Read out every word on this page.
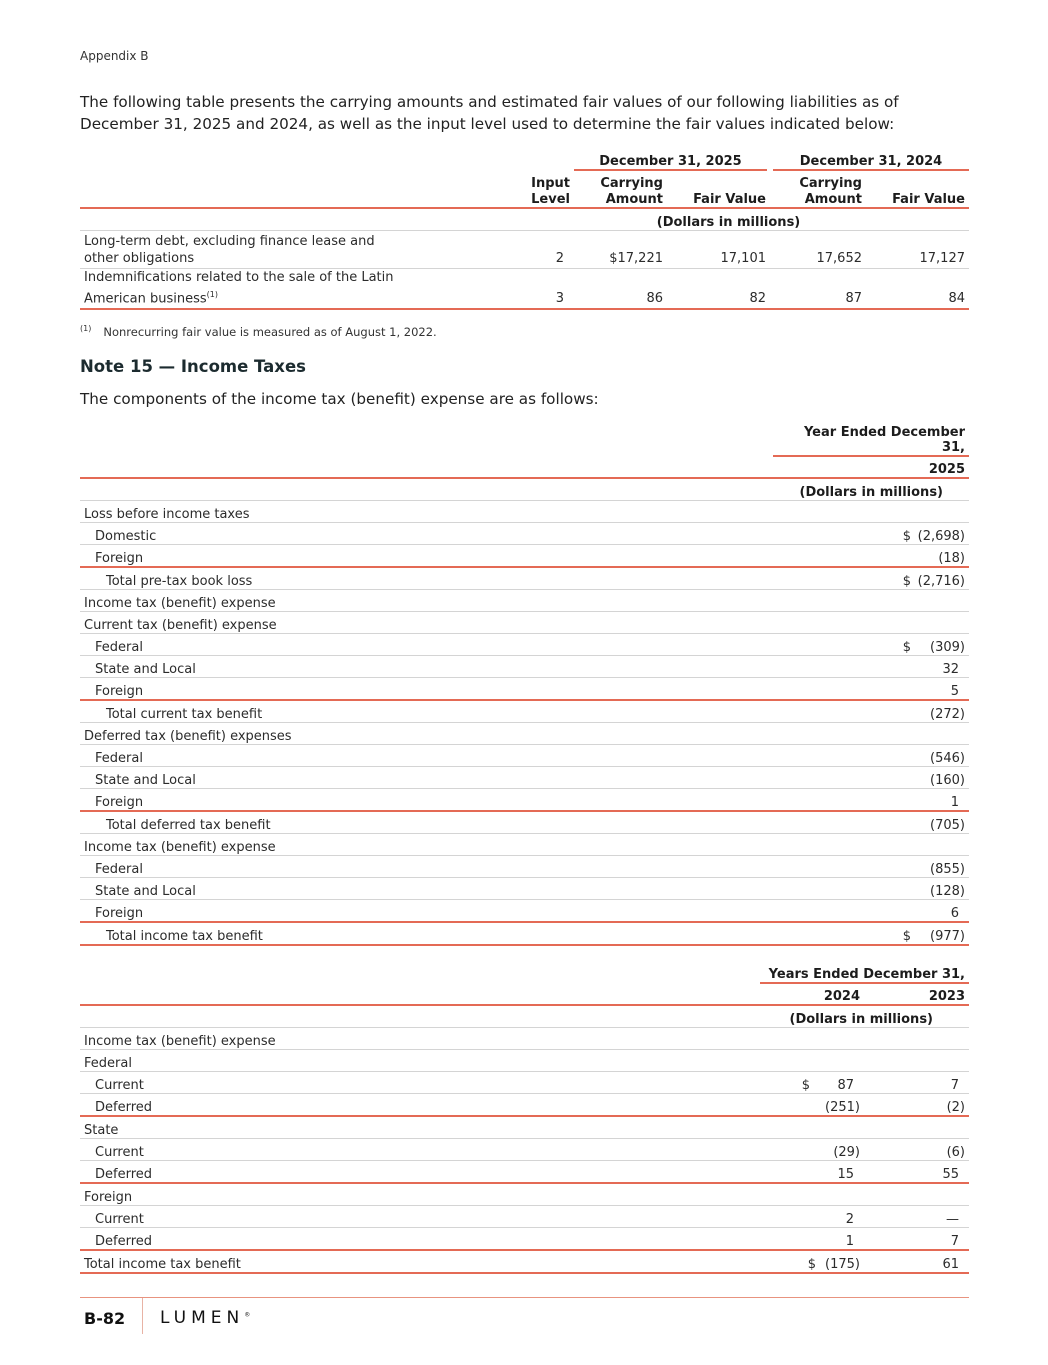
Appendix B
The following table presents the carrying amounts and estimated fair values of our following liabilities as of December 31, 2025 and 2024, as well as the input level used to determine the fair values indicated below:
		December 31, 2025		December 31, 2024	

Input
Level

Carrying
Amount	Fair Value

Carrying
Amount	Fair Value

		(Dollars in millions)			

Long-term debt, excluding finance lease and
other obligations	2	$17,221	17,101	17,652	17,127

Indemnifications related to the sale of the Latin
American business$^{(1)}$	3	86	82	87	84
$^{(1)}$ Nonrecurring fair value is measured as of August 1, 2022.
Note 15 — Income Taxes
The components of the income tax (benefit) expense are as follows:
	Year Ended December 31,
	2025
	(Dollars in millions)
Loss before income taxes	
Domestic	$ (2,698)

Foreign	(18)

Total pre-tax book loss	$ (2,716)

Income tax (benefit) expense	
Current tax (benefit) expense	
Federal	$ (309)

State and Local	32

Foreign	5

Total current tax benefit	(272)

Deferred tax (benefit) expenses	
Federal	(546)

State and Local	(160)

Foreign	1

Total deferred tax benefit	(705)

Income tax (benefit) expense	
Federal	(855)

State and Local	(128)

Foreign	6

Total income tax benefit	$ (977)
	Years Ended December 31,	
	2024	2023
	(Dollars in millions)	
Income tax (benefit) expense		
Federal		
Current	$ 87	7

Deferred	(251)	(2)

State		
Current	(29)	(6)

Deferred	15	55

Foreign		
Current	2	—

Deferred	1	7

Total income tax benefit	$ (175)	61
B-82 LUMEN®
